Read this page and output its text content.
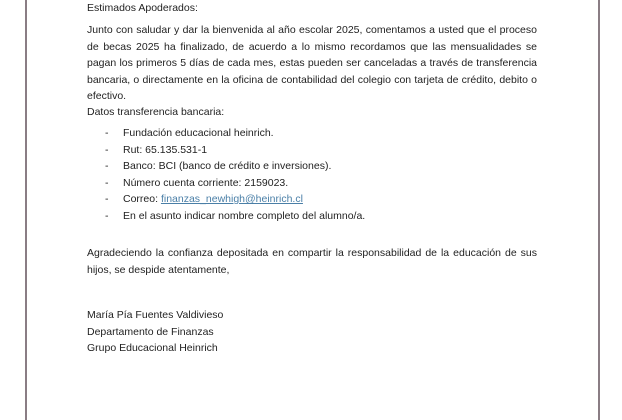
Estimados Apoderados:

Junto con saludar y dar la bienvenida al año escolar 2025, comentamos a usted que el proceso de becas 2025 ha finalizado, de acuerdo a lo mismo recordamos que las mensualidades se pagan los primeros 5 días de cada mes, estas pueden ser canceladas a través de transferencia bancaria, o directamente en la oficina de contabilidad del colegio con tarjeta de crédito, debito o efectivo.

Datos transferencia bancaria:

- Fundación educacional heinrich.
- Rut: 65.135.531-1
- Banco: BCI (banco de crédito e inversiones).
- Número cuenta corriente: 2159023.
- Correo: finanzas_newhigh@heinrich.cl
- En el asunto indicar nombre completo del alumno/a.

Agradeciendo la confianza depositada en compartir la responsabilidad de la educación de sus hijos, se despide atentamente,

María Pía Fuentes Valdivieso
Departamento de Finanzas
Grupo Educacional Heinrich
